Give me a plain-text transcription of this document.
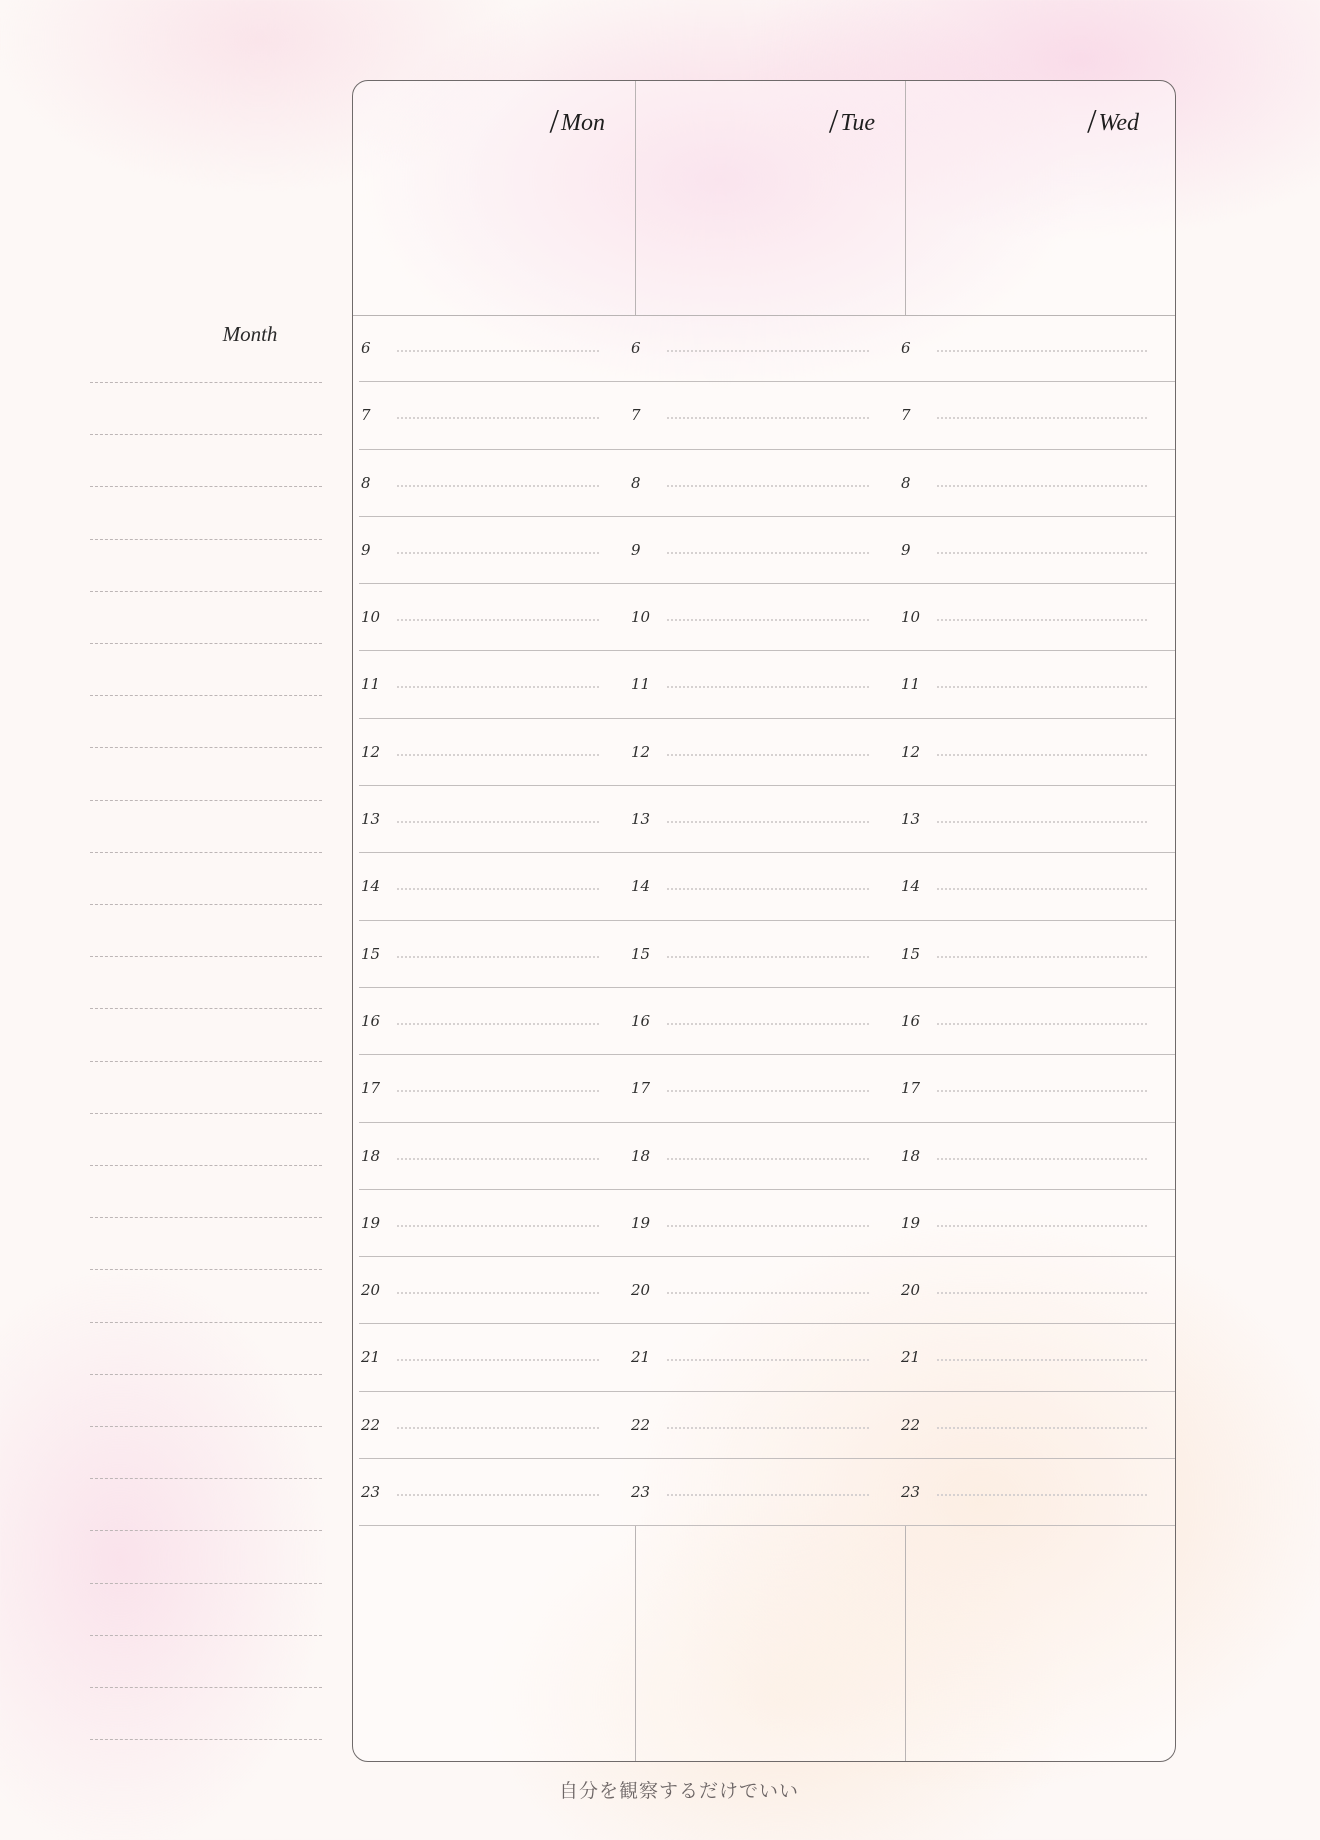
Month
/Mon	/Tue	/Wed
6	6	6
7	7	7
8	8	8
9	9	9
10	10	10
11	11	11
12	12	12
13	13	13
14	14	14
15	15	15
16	16	16
17	17	17
18	18	18
19	19	19
20	20	20
21	21	21
22	22	22
23	23	23
自分を観察するだけでいい
